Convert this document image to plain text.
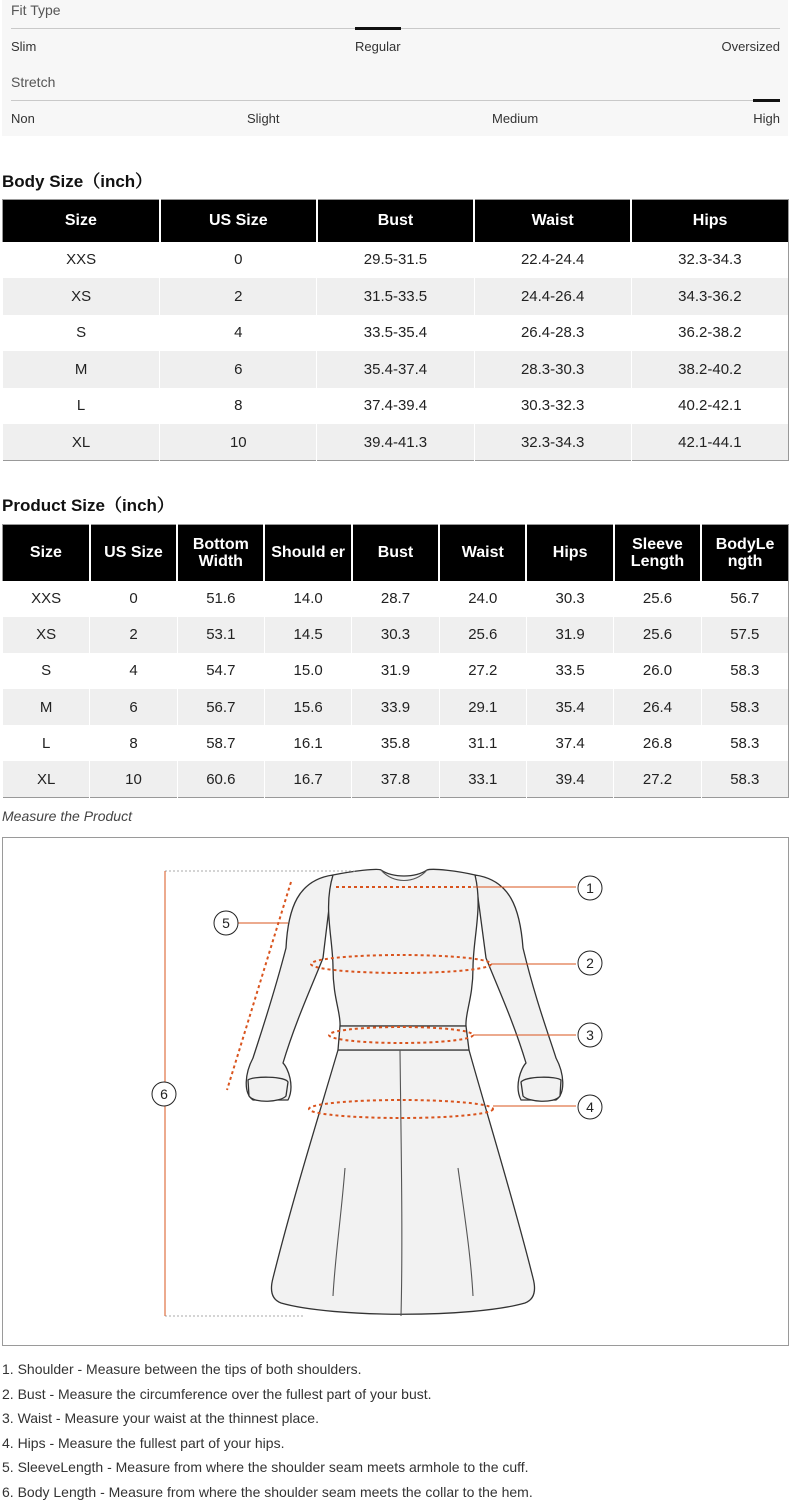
Fit Type
Slim	Regular	Oversized
Stretch
Non	Slight	Medium	High
Body Size（inch）
Size	US Size	Bust	Waist	Hips
XXS	0	29.5-31.5	22.4-24.4	32.3-34.3
XS	2	31.5-33.5	24.4-26.4	34.3-36.2
S	4	33.5-35.4	26.4-28.3	36.2-38.2
M	6	35.4-37.4	28.3-30.3	38.2-40.2
L	8	37.4-39.4	30.3-32.3	40.2-42.1
XL	10	39.4-41.3	32.3-34.3	42.1-44.1
Product Size（inch）
Size	US Size	Bottom Width	Should er	Bust	Waist	Hips	Sleeve Length	BodyLe ngth
XXS	0	51.6	14.0	28.7	24.0	30.3	25.6	56.7
XS	2	53.1	14.5	30.3	25.6	31.9	25.6	57.5
S	4	54.7	15.0	31.9	27.2	33.5	26.0	58.3
M	6	56.7	15.6	33.9	29.1	35.4	26.4	58.3
L	8	58.7	16.1	35.8	31.1	37.4	26.8	58.3
XL	10	60.6	16.7	37.8	33.1	39.4	27.2	58.3
Measure the Product
1
2
3
4
5
6
1. Shoulder - Measure between the tips of both shoulders.
2. Bust - Measure the circumference over the fullest part of your bust.
3. Waist - Measure your waist at the thinnest place.
4. Hips - Measure the fullest part of your hips.
5. SleeveLength - Measure from where the shoulder seam meets armhole to the cuff.
6. Body Length - Measure from where the shoulder seam meets the collar to the hem.
